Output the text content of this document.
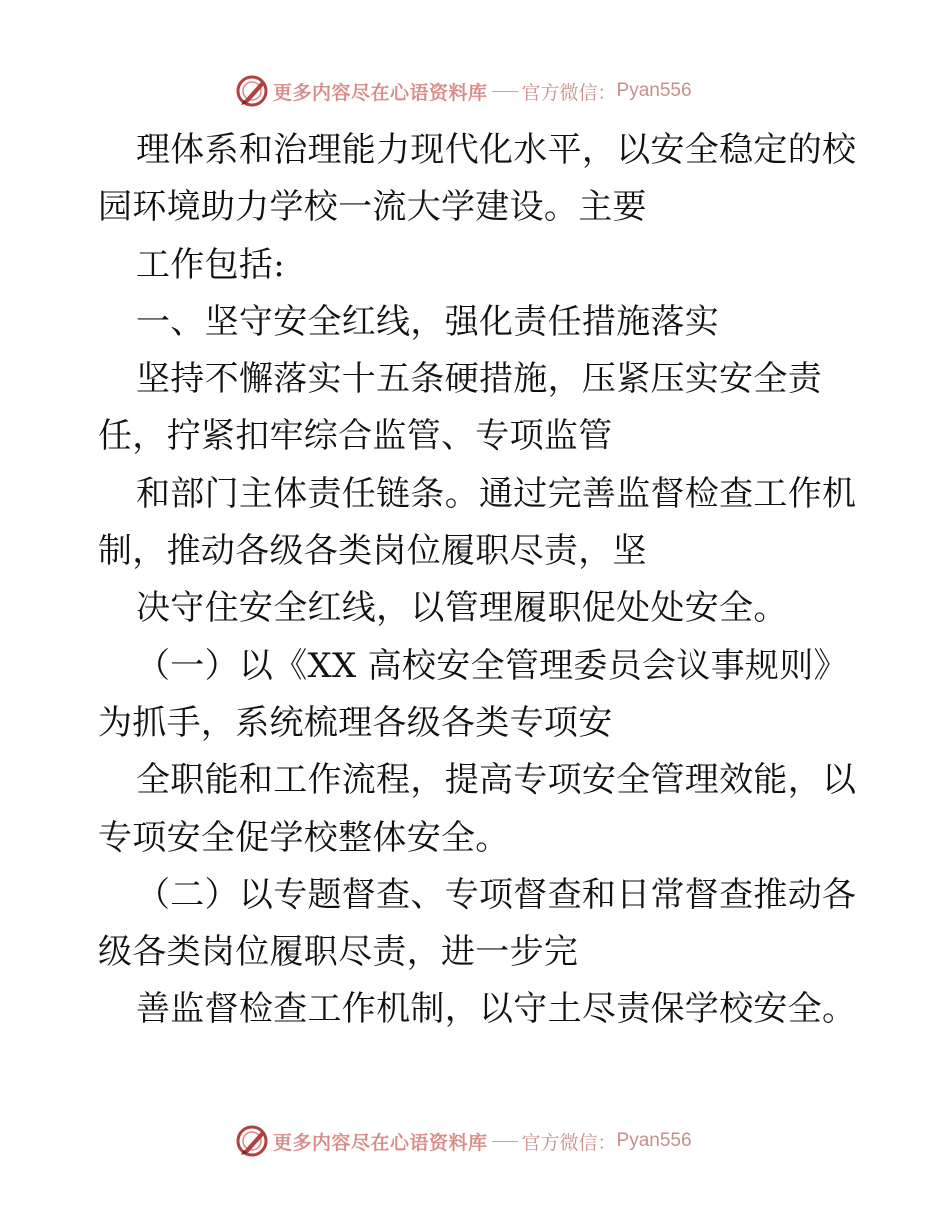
更多内容尽在心语资料库 官方微信： Pyan556
理体系和治理能力现代化水平，以安全稳定的校
园环境助力学校一流大学建设。主要
工作包括:
一、坚守安全红线，强化责任措施落实
坚持不懈落实十五条硬措施，压紧压实安全责
任，拧紧扣牢综合监管、专项监管
和部门主体责任链条。通过完善监督检查工作机
制，推动各级各类岗位履职尽责，坚
决守住安全红线，以管理履职促处处安全。
（一）以《XX 高校安全管理委员会议事规则》
为抓手，系统梳理各级各类专项安
全职能和工作流程，提高专项安全管理效能，以
专项安全促学校整体安全。
（二）以专题督查、专项督查和日常督查推动各
级各类岗位履职尽责，进一步完
善监督检查工作机制，以守土尽责保学校安全。
更多内容尽在心语资料库 官方微信： Pyan556
